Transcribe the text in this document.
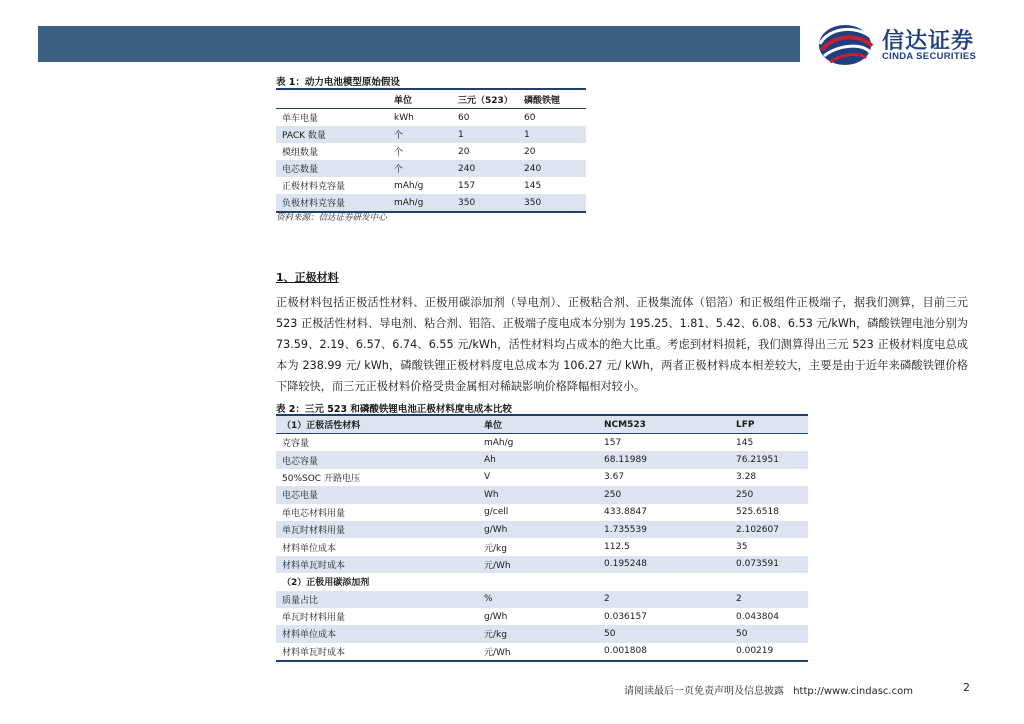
信达证券
CINDA SECURITIES
表 1：动力电池模型原始假设
	单位	三元（523）	磷酸铁锂
单车电量	kWh	60	60
PACK 数量	个	1	1
模组数量	个	20	20
电芯数量	个	240	240
正极材料克容量	mAh/g	157	145
负极材料克容量	mAh/g	350	350
资料来源：信达证券研发中心
1、正极材料
正极材料包括正极活性材料、正极用碳添加剂（导电剂）、正极粘合剂、正极集流体（铝箔）和正极组件正极端子，据我们测算，目前三元 523 正极活性材料、导电剂、粘合剂、铝箔、正极端子度电成本分别为 195.25、1.81、5.42、6.08、6.53 元/kWh，磷酸铁锂电池分别为 73.59、2.19、6.57、6.74、6.55 元/kWh，活性材料均占成本的绝大比重。考虑到材料损耗，我们测算得出三元 523 正极材料度电总成本为 238.99 元/ kWh，磷酸铁锂正极材料度电总成本为 106.27 元/ kWh，两者正极材料成本相差较大，主要是由于近年来磷酸铁锂价格下降较快，而三元正极材料价格受贵金属相对稀缺影响价格降幅相对较小。
表 2：三元 523 和磷酸铁锂电池正极材料度电成本比较
（1）正极活性材料	单位	NCM523	LFP
克容量	mAh/g	157	145
电芯容量	Ah	68.11989	76.21951
50%SOC 开路电压	V	3.67	3.28
电芯电量	Wh	250	250
单电芯材料用量	g/cell	433.8847	525.6518
单瓦时材料用量	g/Wh	1.735539	2.102607
材料单位成本	元/kg	112.5	35
材料单瓦时成本	元/Wh	0.195248	0.073591
（2）正极用碳添加剂			
质量占比	%	2	2
单瓦时材料用量	g/Wh	0.036157	0.043804
材料单位成本	元/kg	50	50
材料单瓦时成本	元/Wh	0.001808	0.00219
请阅读最后一页免责声明及信息披露 http://www.cindasc.com	2
